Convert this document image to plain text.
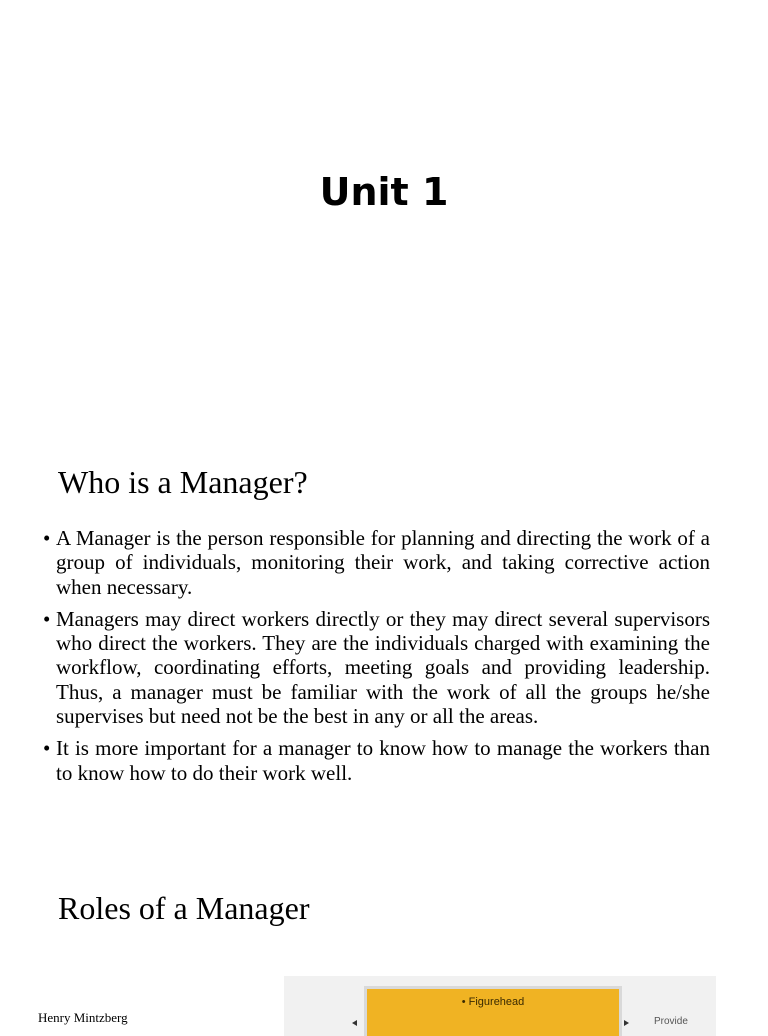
Unit 1
Who is a Manager?
• A Manager is the person responsible for planning and directing the work of a group of individuals, monitoring their work, and taking corrective action when necessary.
• Managers may direct workers directly or they may direct several supervisors who direct the workers. They are the individuals charged with examining the workflow, coordinating efforts, meeting goals and providing leadership. Thus, a manager must be familiar with the work of all the groups he/she supervises but need not be the best in any or all the areas.
• It is more important for a manager to know how to manage the workers than to know how to do their work well.
Roles of a Manager
Henry Mintzberg
• Figurehead
Provide
